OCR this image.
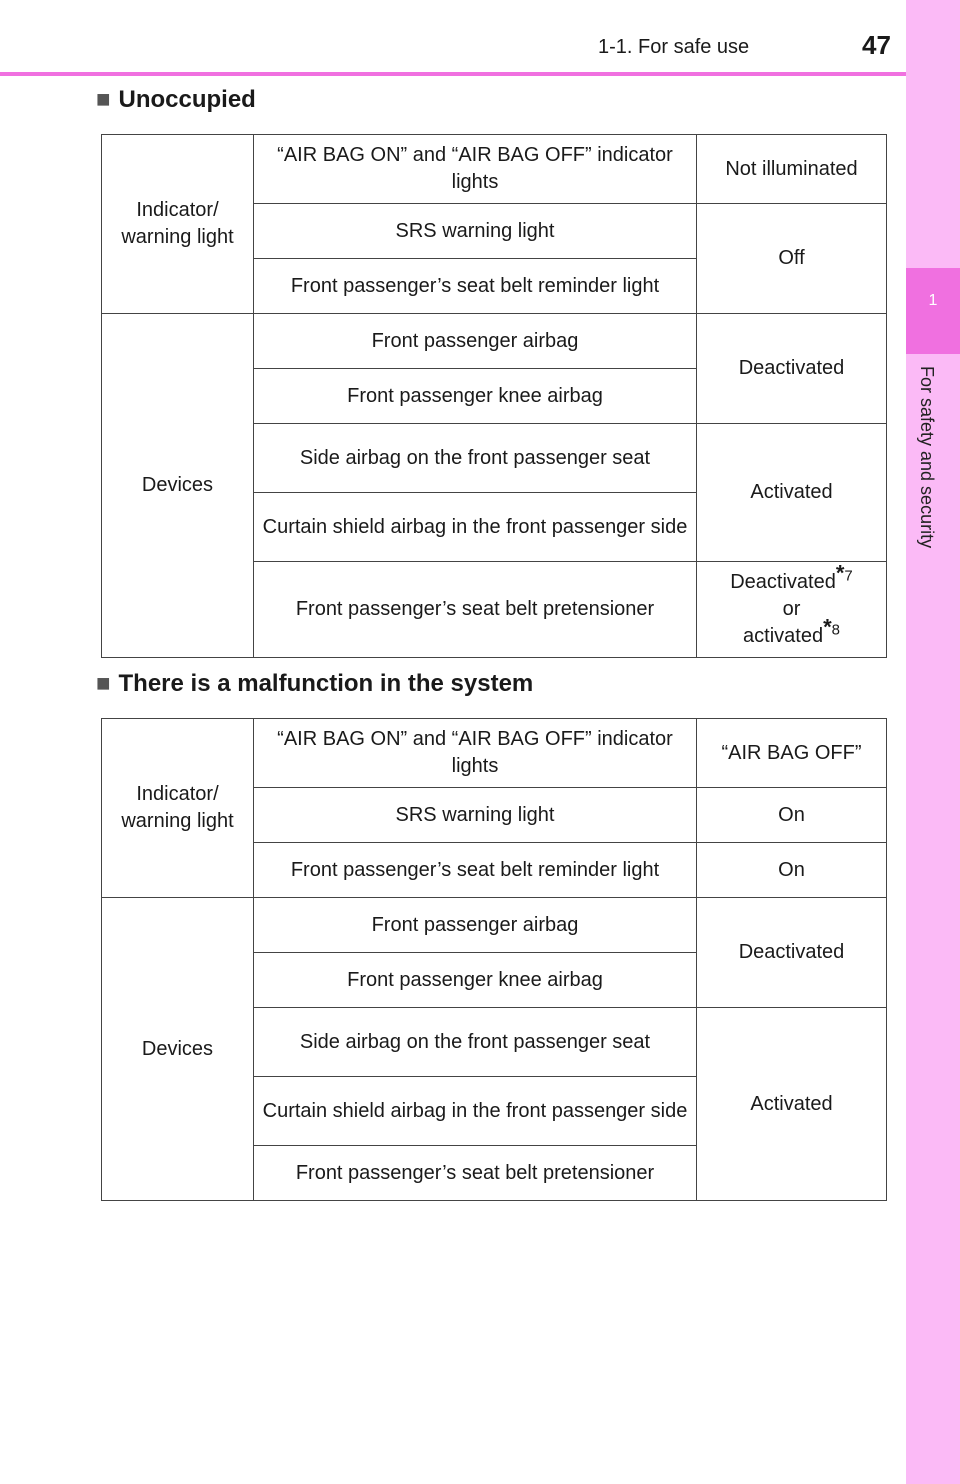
1
For safety and security
1-1. For safe use	47
■ Unoccupied
Indicator/ warning light	“AIR BAG ON” and “AIR BAG OFF” indicator lights	Not illuminated
	SRS warning light	Off
	Front passenger’s seat belt reminder light	
Devices	Front passenger airbag	Deactivated
	Front passenger knee airbag	
	Side airbag on the front passenger seat	Activated
	Curtain shield airbag in the front passenger side	
	Front passenger’s seat belt pretensioner	Deactivated*$^7$
or
activated*$^8$
■ There is a malfunction in the system
Indicator/ warning light	“AIR BAG ON” and “AIR BAG OFF” indicator lights	“AIR BAG OFF”
	SRS warning light	On
	Front passenger’s seat belt reminder light	On
Devices	Front passenger airbag	Deactivated
	Front passenger knee airbag	
	Side airbag on the front passenger seat	Activated
	Curtain shield airbag in the front passenger side	
	Front passenger’s seat belt pretensioner	
